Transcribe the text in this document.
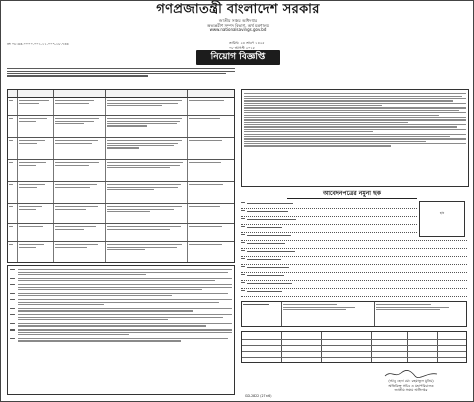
গণপ্রজাতন্ত্রী বাংলাদেশ সরকার
জাতীয় সঞ্চয় অধিদপ্তর
অভ্যন্তরীণ সম্পদ বিভাগ, অর্থ মন্ত্রণালয়
www.nationalsavings.gov.bd
নং ০৮.৩৩.০০০০.০০১.১১.০০৭.১৮.৭৩৪	তারিখ: ২৪ শ্রাবণ ১৪২৫
০৮ আগস্ট ২০১৮
নিয়োগ বিজ্ঞপ্তি
আবেদনপত্রের নমুনা ছক
ছবি
(আবু হেনা মো: রহমাতুল মুনিম)
অতিরিক্ত সচিব ও মহাপরিচালক
জাতীয় সঞ্চয় অধিদপ্তর
GD-2822 (27×6)
